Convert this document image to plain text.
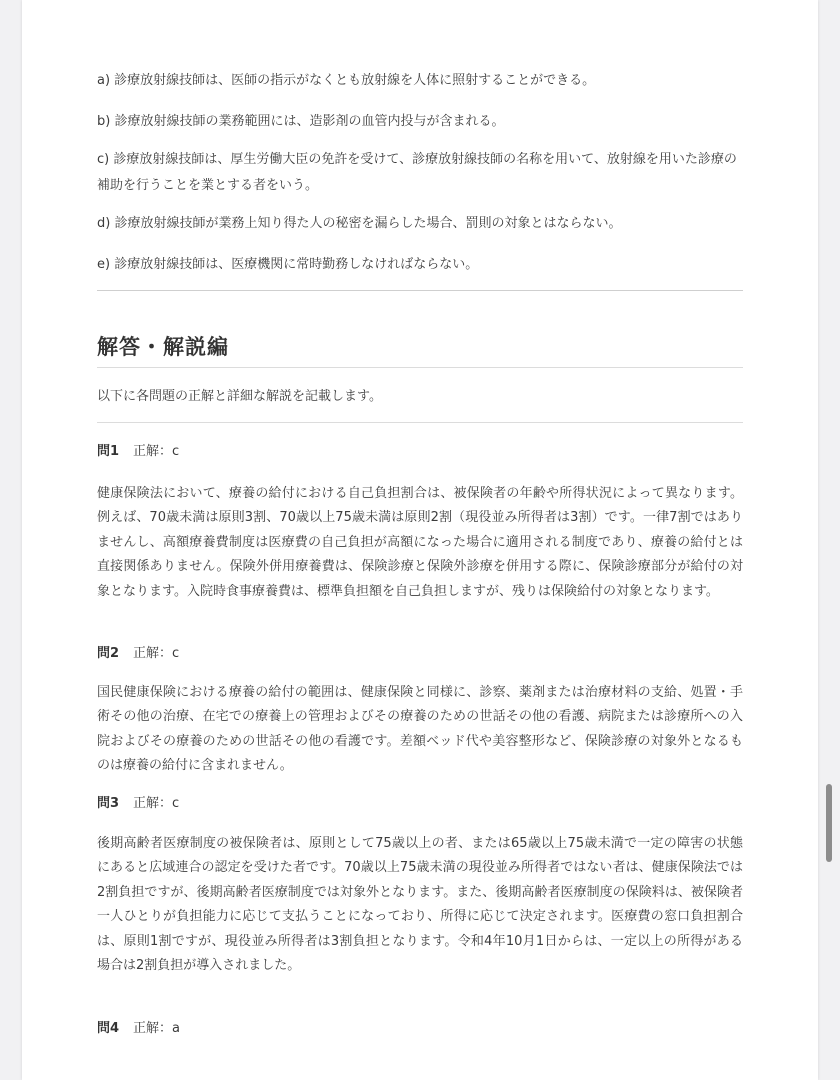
a) 診療放射線技師は、医師の指示がなくとも放射線を人体に照射することができる。

b) 診療放射線技師の業務範囲には、造影剤の血管内投与が含まれる。

c) 診療放射線技師は、厚生労働大臣の免許を受けて、診療放射線技師の名称を用いて、放射線を用いた診療の補助を行うことを業とする者をいう。

d) 診療放射線技師が業務上知り得た人の秘密を漏らした場合、罰則の対象とはならない。

e) 診療放射線技師は、医療機関に常時勤務しなければならない。

解答・解説編

以下に各問題の正解と詳細な解説を記載します。

問1 正解：c

健康保険法において、療養の給付における自己負担割合は、被保険者の年齢や所得状況によって異なります。例えば、70歳未満は原則3割、70歳以上75歳未満は原則2割（現役並み所得者は3割）です。一律7割ではありませんし、高額療養費制度は医療費の自己負担が高額になった場合に適用される制度であり、療養の給付とは直接関係ありません。保険外併用療養費は、保険診療と保険外診療を併用する際に、保険診療部分が給付の対象となります。入院時食事療養費は、標準負担額を自己負担しますが、残りは保険給付の対象となります。

問2 正解：c

国民健康保険における療養の給付の範囲は、健康保険と同様に、診察、薬剤または治療材料の支給、処置・手術その他の治療、在宅での療養上の管理およびその療養のための世話その他の看護、病院または診療所への入院およびその療養のための世話その他の看護です。差額ベッド代や美容整形など、保険診療の対象外となるものは療養の給付に含まれません。

問3 正解：c

後期高齢者医療制度の被保険者は、原則として75歳以上の者、または65歳以上75歳未満で一定の障害の状態にあると広域連合の認定を受けた者です。70歳以上75歳未満の現役並み所得者ではない者は、健康保険法では2割負担ですが、後期高齢者医療制度では対象外となります。また、後期高齢者医療制度の保険料は、被保険者一人ひとりが負担能力に応じて支払うことになっており、所得に応じて決定されます。医療費の窓口負担割合は、原則1割ですが、現役並み所得者は3割負担となります。令和4年10月1日からは、一定以上の所得がある場合は2割負担が導入されました。

問4 正解：a
